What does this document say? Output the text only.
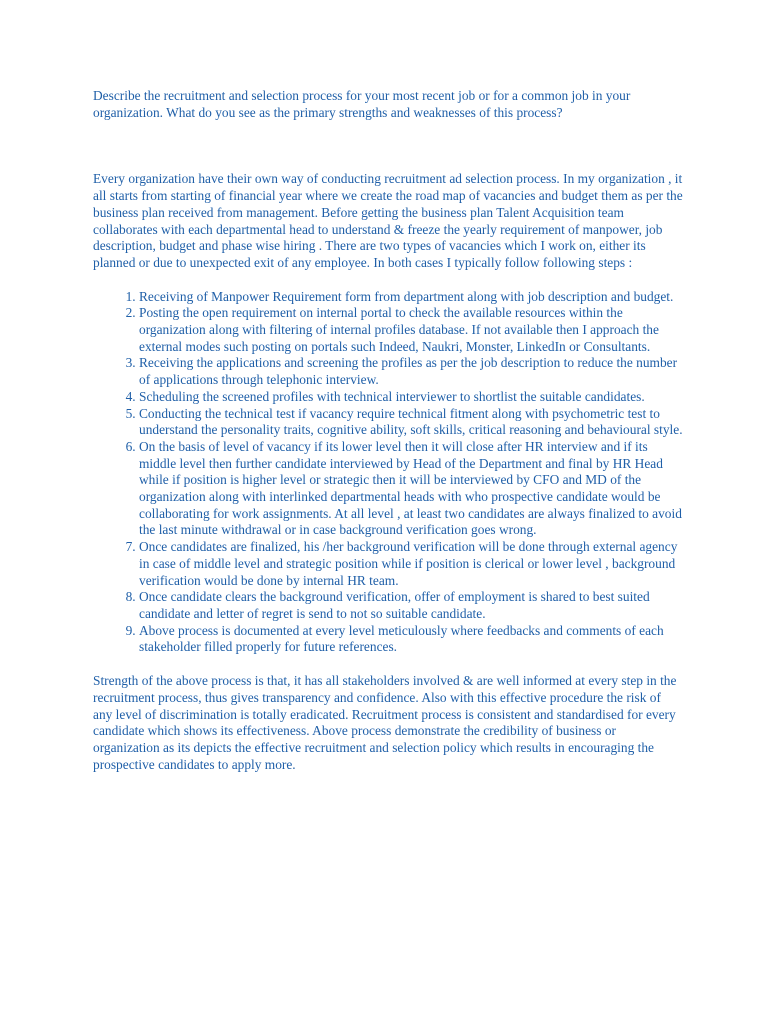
Describe the recruitment and selection process for your most recent job or for a common job in your organization. What do you see as the primary strengths and weaknesses of this process?

Every organization have their own way of conducting recruitment ad selection process. In my organization , it all starts from starting of financial year where we create the road map of vacancies and budget them as per the business plan received from management. Before getting the business plan Talent Acquisition team collaborates with each departmental head to understand & freeze the yearly requirement of manpower, job description, budget and phase wise hiring . There are two types of vacancies which I work on, either its planned or due to unexpected exit of any employee. In both cases I typically follow following steps :

1. Receiving of Manpower Requirement form from department along with job description and budget.
2. Posting the open requirement on internal portal to check the available resources within the organization along with filtering of internal profiles database. If not available then I approach the external modes such posting on portals such Indeed, Naukri, Monster, LinkedIn or Consultants.
3. Receiving the applications and screening the profiles as per the job description to reduce the number of applications through telephonic interview.
4. Scheduling the screened profiles with technical interviewer to shortlist the suitable candidates.
5. Conducting the technical test if vacancy require technical fitment along with psychometric test to understand the personality traits, cognitive ability, soft skills, critical reasoning and behavioural style.
6. On the basis of level of vacancy if its lower level then it will close after HR interview and if its middle level then further candidate interviewed by Head of the Department and final by HR Head while if position is higher level or strategic then it will be interviewed by CFO and MD of the organization along with interlinked departmental heads with who prospective candidate would be collaborating for work assignments. At all level , at least two candidates are always finalized to avoid the last minute withdrawal or in case background verification goes wrong.
7. Once candidates are finalized, his /her background verification will be done through external agency in case of middle level and strategic position while if position is clerical or lower level , background verification would be done by internal HR team.
8. Once candidate clears the background verification, offer of employment is shared to best suited candidate and letter of regret is send to not so suitable candidate.
9. Above process is documented at every level meticulously where feedbacks and comments of each stakeholder filled properly for future references.

Strength of the above process is that, it has all stakeholders involved & are well informed at every step in the recruitment process, thus gives transparency and confidence. Also with this effective procedure the risk of any level of discrimination is totally eradicated. Recruitment process is consistent and standardised for every candidate which shows its effectiveness. Above process demonstrate the credibility of business or organization as its depicts the effective recruitment and selection policy which results in encouraging the prospective candidates to apply more.
